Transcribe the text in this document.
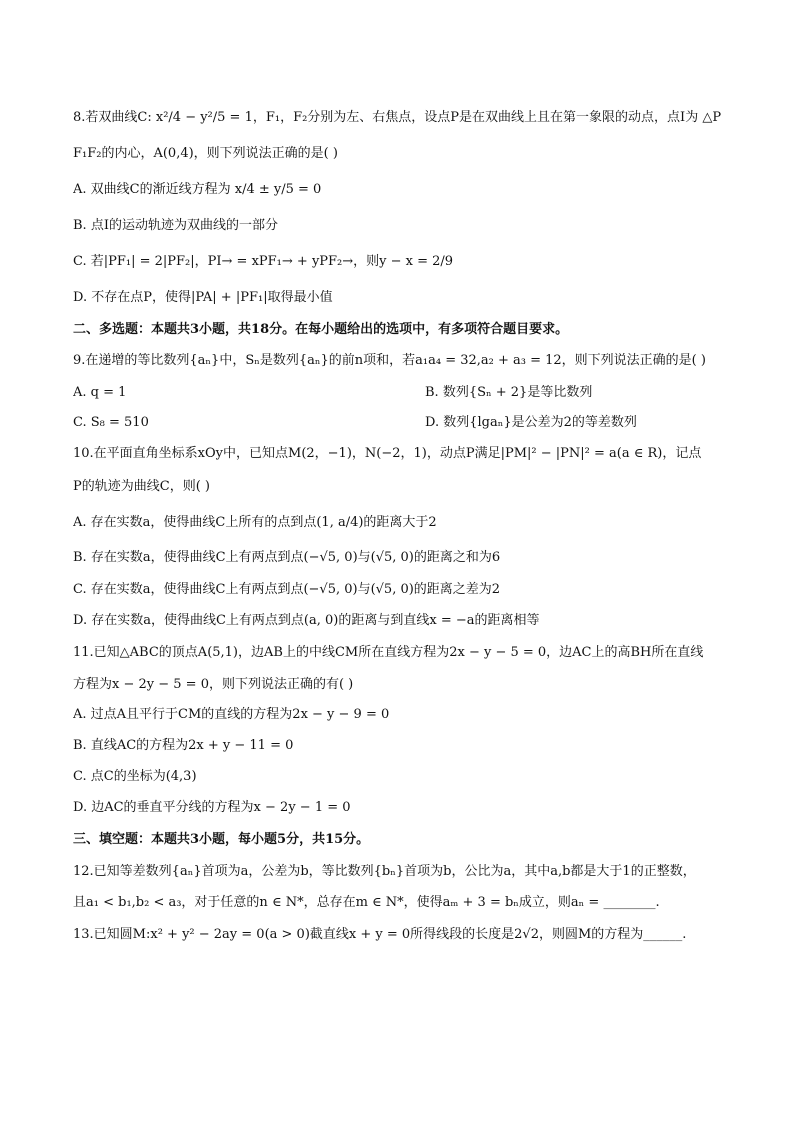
8.若双曲线C: x²/4 − y²/5 = 1，F₁，F₂分别为左、右焦点，设点P是在双曲线上且在第一象限的动点，点I为 △P
F₁F₂的内心，A(0,4)，则下列说法正确的是( )
A. 双曲线C的渐近线方程为 x/4 ± y/5 = 0
B. 点I的运动轨迹为双曲线的一部分
C. 若|PF₁| = 2|PF₂|，PI→ = xPF₁→ + yPF₂→，则y − x = 2/9
D. 不存在点P，使得|PA| + |PF₁|取得最小值
二、多选题：本题共3小题，共18分。在每小题给出的选项中，有多项符合题目要求。
9.在递增的等比数列{aₙ}中，Sₙ是数列{aₙ}的前n项和，若a₁a₄ = 32,a₂ + a₃ = 12，则下列说法正确的是( )
A. q = 1	B. 数列{Sₙ + 2}是等比数列
C. S₈ = 510	D. 数列{lgaₙ}是公差为2的等差数列
10.在平面直角坐标系xOy中，已知点M(2，−1)，N(−2，1)，动点P满足|PM|² − |PN|² = a(a ∈ R)，记点
P的轨迹为曲线C，则( )
A. 存在实数a，使得曲线C上所有的点到点(1, a/4)的距离大于2
B. 存在实数a，使得曲线C上有两点到点(−√5, 0)与(√5, 0)的距离之和为6
C. 存在实数a，使得曲线C上有两点到点(−√5, 0)与(√5, 0)的距离之差为2
D. 存在实数a，使得曲线C上有两点到点(a, 0)的距离与到直线x = −a的距离相等
11.已知△ABC的顶点A(5,1)，边AB上的中线CM所在直线方程为2x − y − 5 = 0，边AC上的高BH所在直线
方程为x − 2y − 5 = 0，则下列说法正确的有( )
A. 过点A且平行于CM的直线的方程为2x − y − 9 = 0
B. 直线AC的方程为2x + y − 11 = 0
C. 点C的坐标为(4,3)
D. 边AC的垂直平分线的方程为x − 2y − 1 = 0
三、填空题：本题共3小题，每小题5分，共15分。
12.已知等差数列{aₙ}首项为a，公差为b，等比数列{bₙ}首项为b，公比为a，其中a,b都是大于1的正整数，
且a₁ < b₁,b₂ < a₃，对于任意的n ∈ N*，总存在m ∈ N*，使得aₘ + 3 = bₙ成立，则aₙ = ________.
13.已知圆M:x² + y² − 2ay = 0(a > 0)截直线x + y = 0所得线段的长度是2√2，则圆M的方程为______.
